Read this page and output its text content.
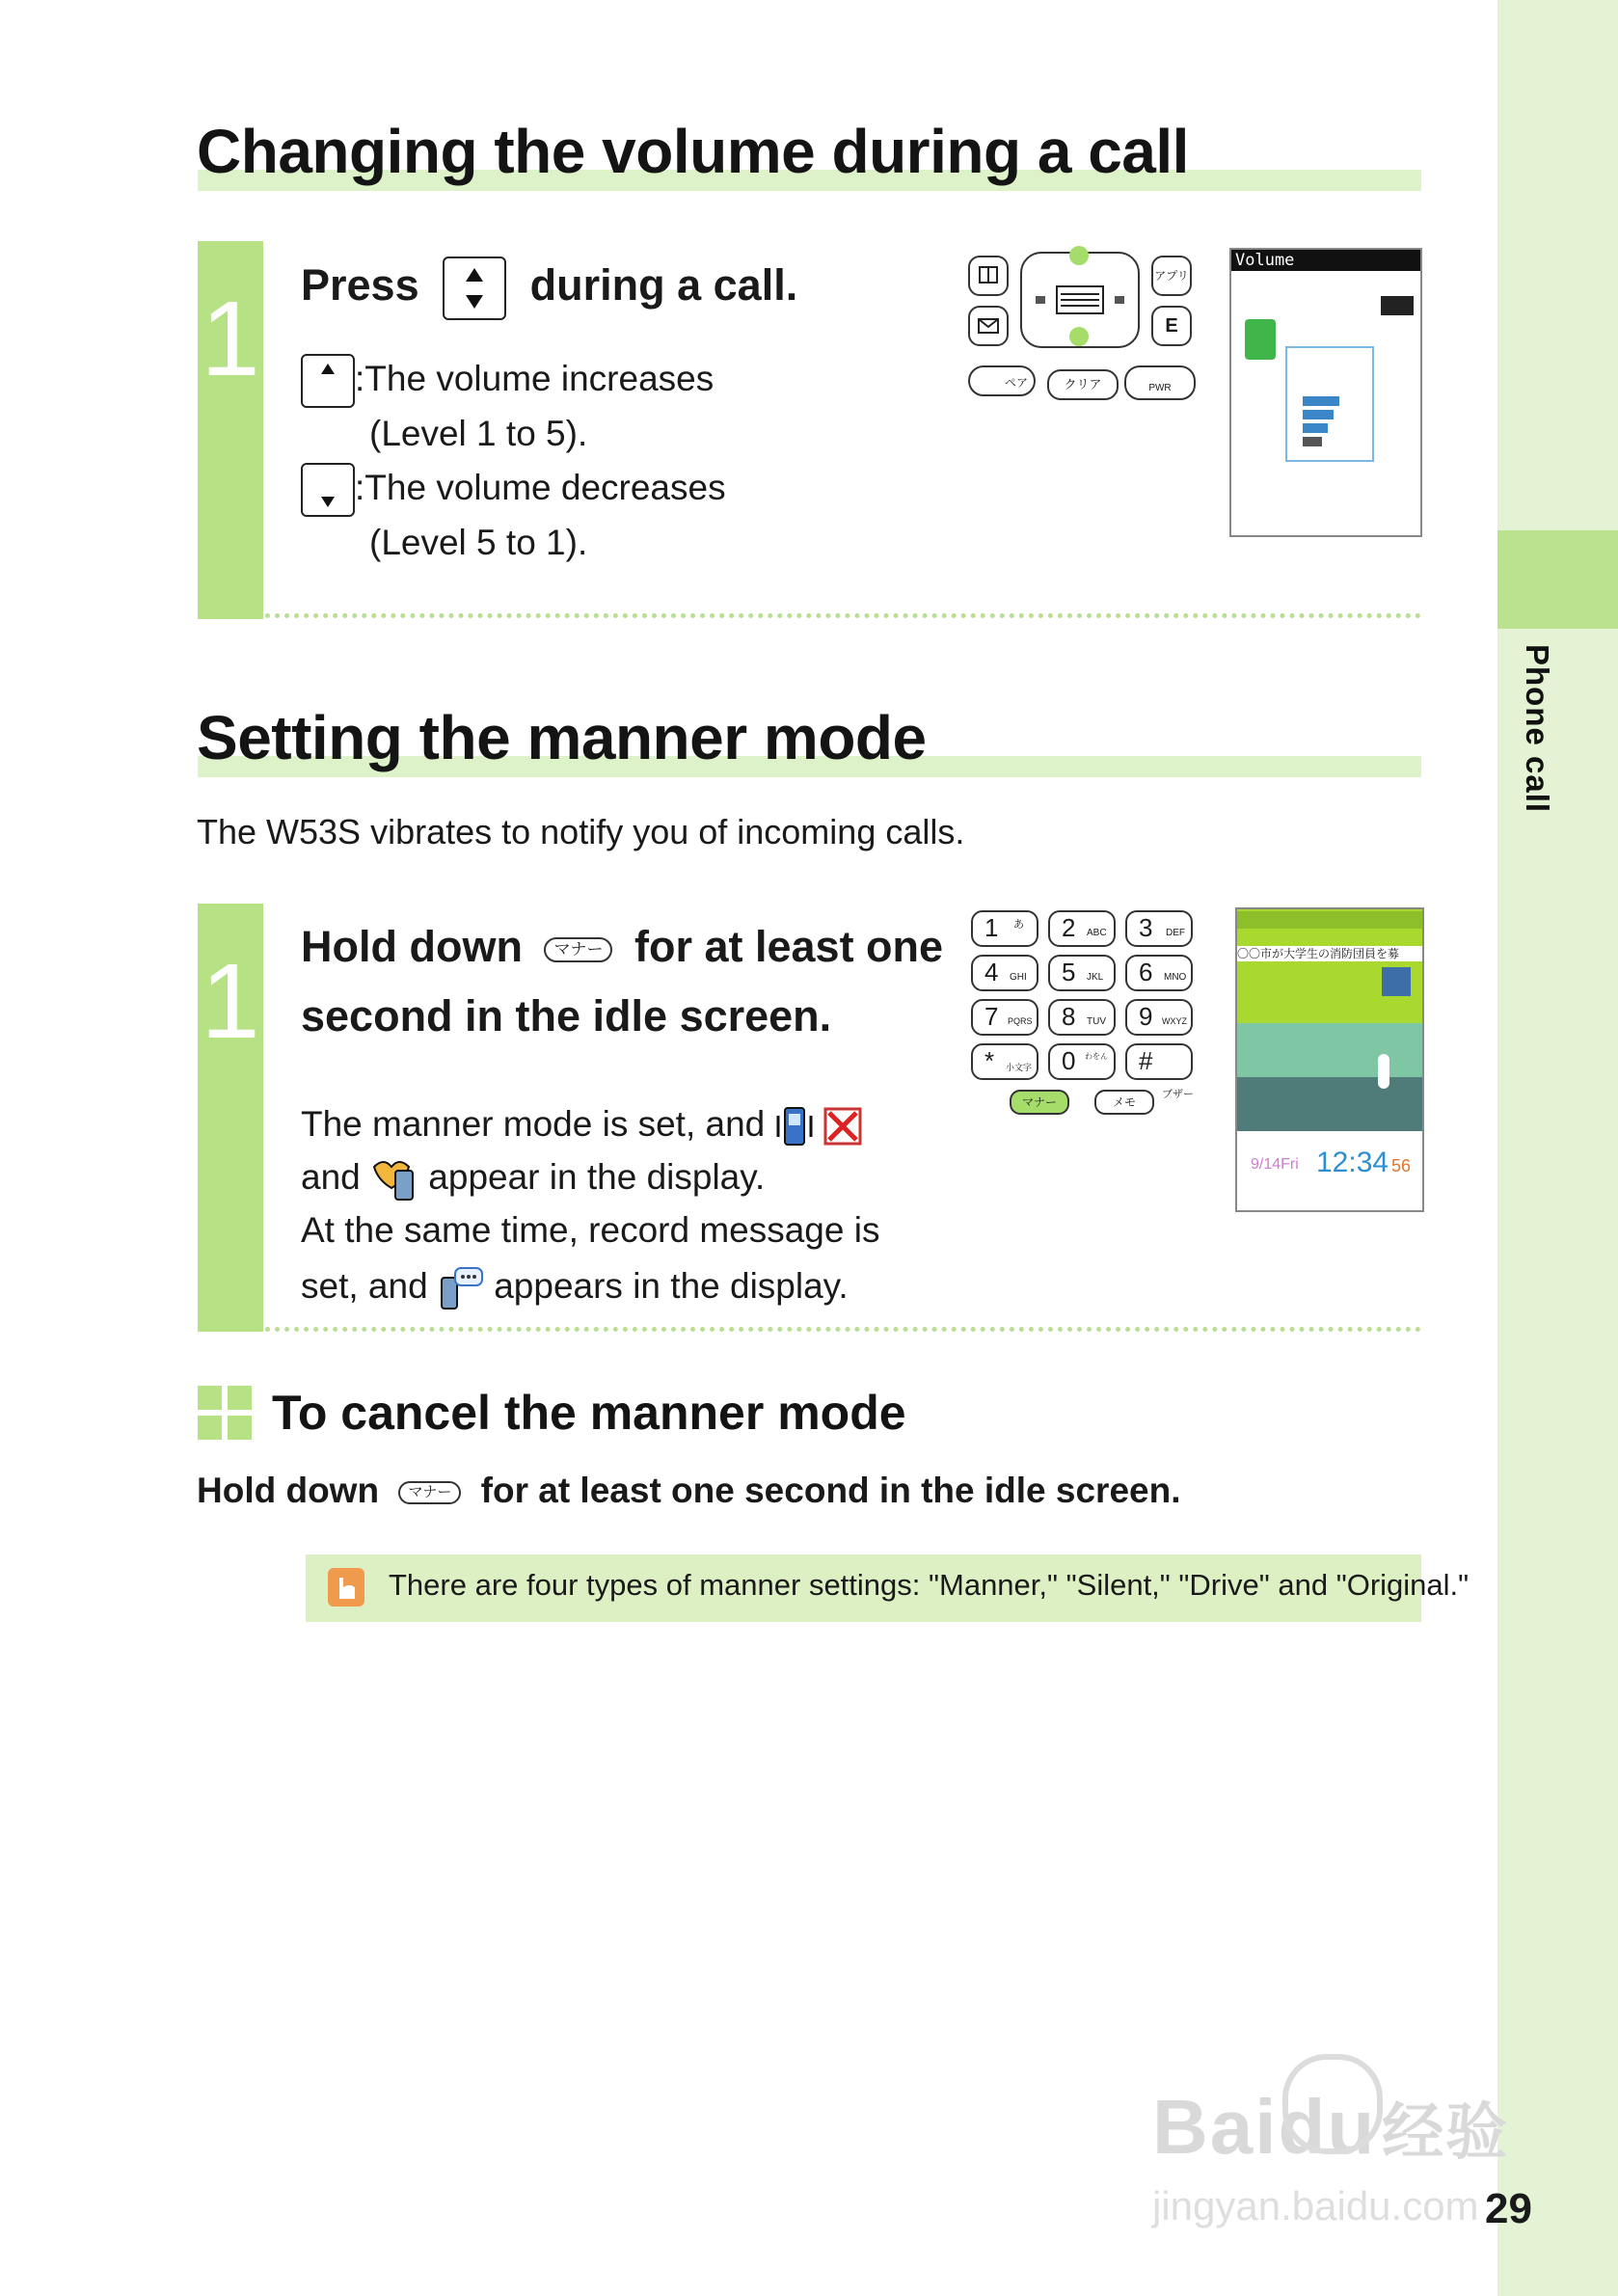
Phone call
Changing the volume during a call
1 Press	during a call.
:The volume increases
(Level 1 to 5).
:The volume decreases
(Level 5 to 1).
アプリ
E
ペア	クリア	PWR
Volume
Setting the manner mode
The W53S vibrates to notify you of incoming calls.
1 Hold down マナー for at least one
second in the idle screen.
The manner mode is set, and
and appear in the display.
At the same time, record message is
set, and appears in the display.
1 あ 2 ABC 3 DEF
4 GHI 5 JKL 6 MNO
7 PQRS 8 TUV 9 WXYZ
* 小文字 0 わをん #
マナー	メモ
ブザー
〇〇市が大学生の消防団員を募
9/14Fri 12:34 56
To cancel the manner mode
Hold down マナー for at least one second in the idle screen.
There are four types of manner settings: "Manner," "Silent," "Drive" and "Original."
Baidu经验
jingyan.baidu.com 29
